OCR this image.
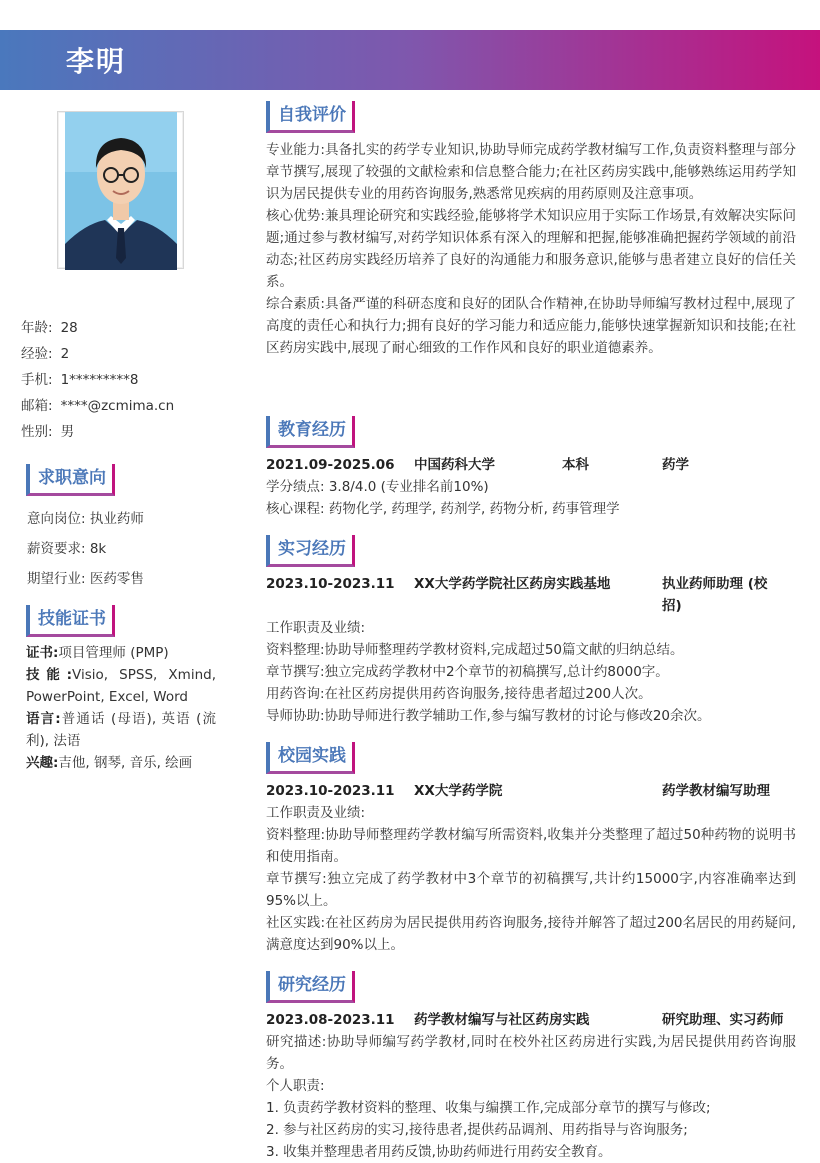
李明
年龄: 28
经验: 2
手机: 1*********8
邮箱: ****@zcmima.cn
性别: 男
求职意向
意向岗位: 执业药师
薪资要求: 8k
期望行业: 医药零售
技能证书

证书:项目管理师 (PMP)

技能:Visio, SPSS, Xmind, PowerPoint, Excel, Word

语言:普通话 (母语), 英语 (流利), 法语

兴趣:吉他, 钢琴, 音乐, 绘画

自我评价

专业能力:具备扎实的药学专业知识,协助导师完成药学教材编写工作,负责资料整理与部分章节撰写,展现了较强的文献检索和信息整合能力;在社区药房实践中,能够熟练运用药学知识为居民提供专业的用药咨询服务,熟悉常见疾病的用药原则及注意事项。

核心优势:兼具理论研究和实践经验,能够将学术知识应用于实际工作场景,有效解决实际问题;通过参与教材编写,对药学知识体系有深入的理解和把握,能够准确把握药学领域的前沿动态;社区药房实践经历培养了良好的沟通能力和服务意识,能够与患者建立良好的信任关系。

综合素质:具备严谨的科研态度和良好的团队合作精神,在协助导师编写教材过程中,展现了高度的责任心和执行力;拥有良好的学习能力和适应能力,能够快速掌握新知识和技能;在社区药房实践中,展现了耐心细致的工作作风和良好的职业道德素养。

教育经历
2021.09-2025.06 中国药科大学	本科	药学
学分绩点: 3.8/4.0 (专业排名前10%)
核心课程: 药物化学, 药理学, 药剂学, 药物分析, 药事管理学
实习经历
2023.10-2023.11 XX大学药学院社区药房实践基地	执业药师助理 (校招)
工作职责及业绩:
资料整理:协助导师整理药学教材资料,完成超过50篇文献的归纳总结。
章节撰写:独立完成药学教材中2个章节的初稿撰写,总计约8000字。
用药咨询:在社区药房提供用药咨询服务,接待患者超过200人次。
导师协助:协助导师进行教学辅助工作,参与编写教材的讨论与修改20余次。
校园实践
2023.10-2023.11 XX大学药学院	药学教材编写助理
工作职责及业绩:
资料整理:协助导师整理药学教材编写所需资料,收集并分类整理了超过50种药物的说明书和使用指南。
章节撰写:独立完成了药学教材中3个章节的初稿撰写,共计约15000字,内容准确率达到95%以上。
社区实践:在社区药房为居民提供用药咨询服务,接待并解答了超过200名居民的用药疑问,满意度达到90%以上。
研究经历
2023.08-2023.11 药学教材编写与社区药房实践	研究助理、实习药师
研究描述:协助导师编写药学教材,同时在校外社区药房进行实践,为居民提供用药咨询服务。
个人职责:
1. 负责药学教材资料的整理、收集与编撰工作,完成部分章节的撰写与修改;
2. 参与社区药房的实习,接待患者,提供药品调剂、用药指导与咨询服务;
3. 收集并整理患者用药反馈,协助药师进行用药安全教育。
